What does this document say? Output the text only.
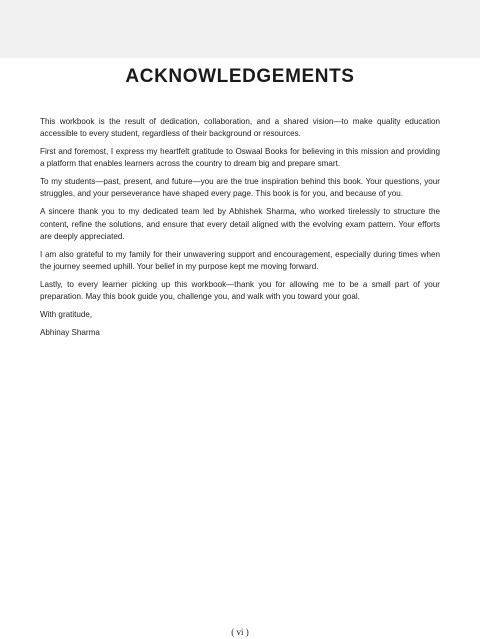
ACKNOWLEDGEMENTS

This workbook is the result of dedication, collaboration, and a shared vision—to make quality education accessible to every student, regardless of their background or resources.

First and foremost, I express my heartfelt gratitude to Oswaal Books for believing in this mission and providing a platform that enables learners across the country to dream big and prepare smart.

To my students—past, present, and future—you are the true inspiration behind this book. Your questions, your struggles, and your perseverance have shaped every page. This book is for you, and because of you.

A sincere thank you to my dedicated team led by Abhishek Sharma, who worked tirelessly to structure the content, refine the solutions, and ensure that every detail aligned with the evolving exam pattern. Your efforts are deeply appreciated.

I am also grateful to my family for their unwavering support and encouragement, especially during times when the journey seemed uphill. Your belief in my purpose kept me moving forward.

Lastly, to every learner picking up this workbook—thank you for allowing me to be a small part of your preparation. May this book guide you, challenge you, and walk with you toward your goal.

With gratitude,

Abhinay Sharma

( vi )
